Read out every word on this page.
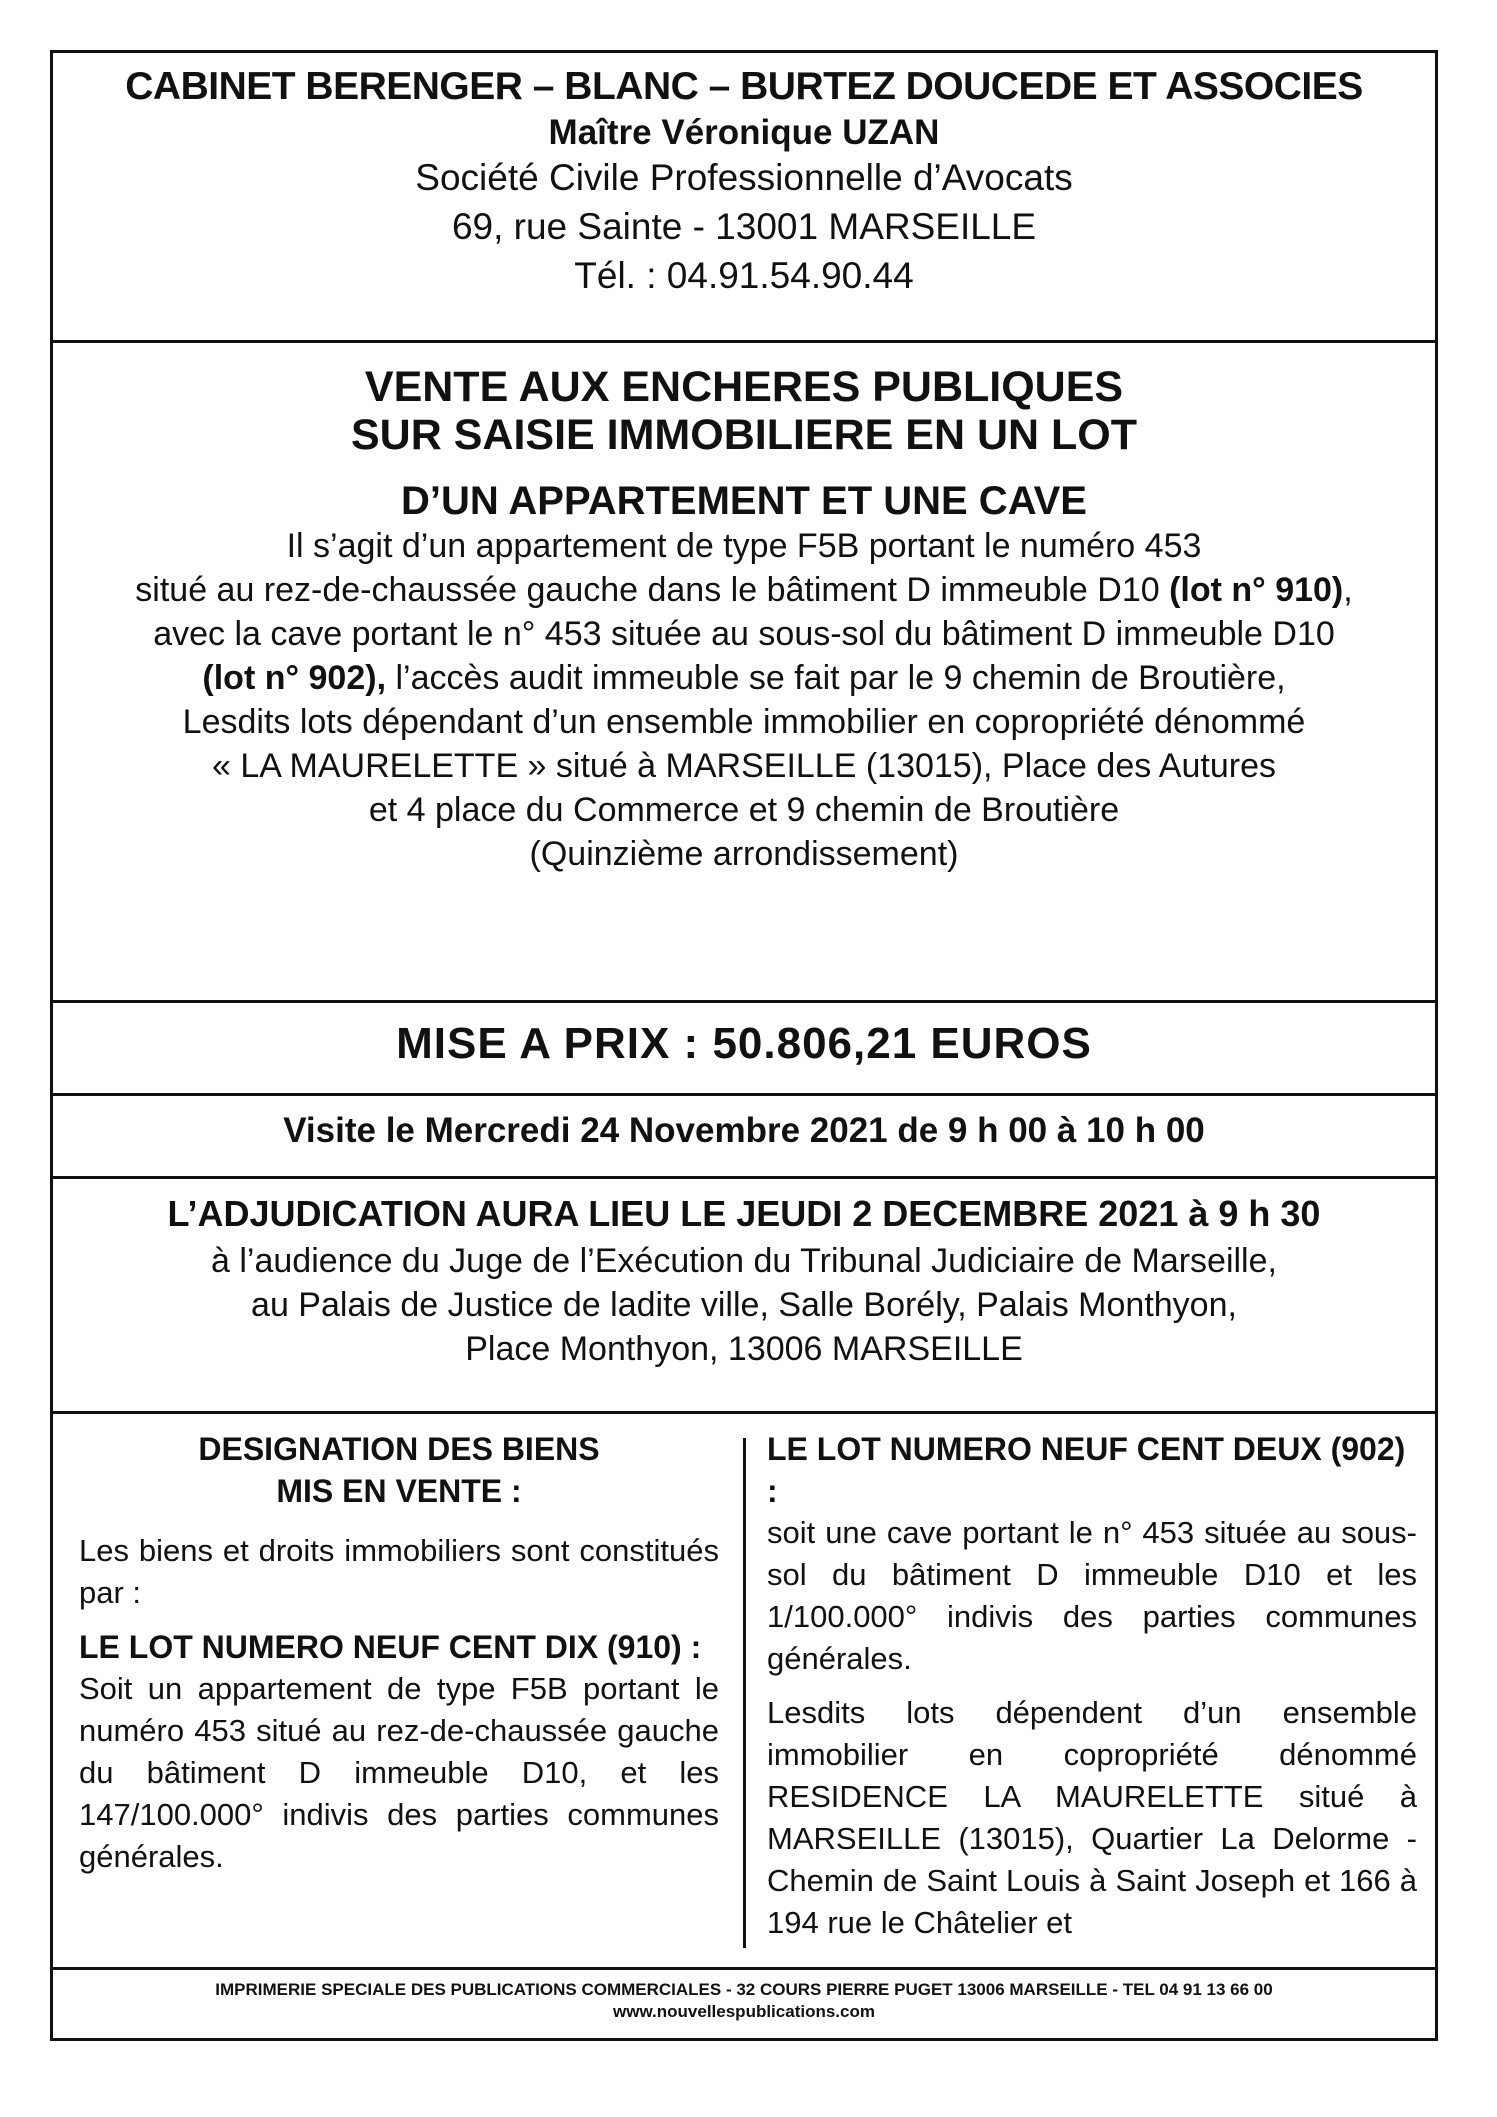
CABINET BERENGER – BLANC – BURTEZ DOUCEDE ET ASSOCIES
Maître Véronique UZAN
Société Civile Professionnelle d’Avocats
69, rue Sainte - 13001 MARSEILLE
Tél. : 04.91.54.90.44
VENTE AUX ENCHERES PUBLIQUES
SUR SAISIE IMMOBILIERE EN UN LOT
D’UN APPARTEMENT ET UNE CAVE
Il s’agit d’un appartement de type F5B portant le numéro 453
situé au rez-de-chaussée gauche dans le bâtiment D immeuble D10 (lot n° 910),
avec la cave portant le n° 453 située au sous-sol du bâtiment D immeuble D10
(lot n° 902), l’accès audit immeuble se fait par le 9 chemin de Broutière,
Lesdits lots dépendant d’un ensemble immobilier en copropriété dénommé
« LA MAURELETTE » situé à MARSEILLE (13015), Place des Autures
et 4 place du Commerce et 9 chemin de Broutière
(Quinzième arrondissement)
MISE A PRIX : 50.806,21 EUROS
Visite le Mercredi 24 Novembre 2021 de 9 h 00 à 10 h 00
L’ADJUDICATION AURA LIEU LE JEUDI 2 DECEMBRE 2021 à 9 h 30
à l’audience du Juge de l’Exécution du Tribunal Judiciaire de Marseille,
au Palais de Justice de ladite ville, Salle Borély, Palais Monthyon,
Place Monthyon, 13006 MARSEILLE

DESIGNATION DES BIENS

MIS EN VENTE :

Les biens et droits immobiliers sont constitués par :

LE LOT NUMERO NEUF CENT DIX (910) :

Soit un appartement de type F5B portant le numéro 453 situé au rez-de-chaussée gauche du bâtiment D immeuble D10, et les 147/100.000° indivis des parties communes générales.

LE LOT NUMERO NEUF CENT DEUX (902) :

soit une cave portant le n° 453 située au sous-sol du bâtiment D immeuble D10 et les 1/100.000° indivis des parties communes générales.

Lesdits lots dépendent d’un ensemble immobilier en copropriété dénommé RESIDENCE LA MAURELETTE situé à MARSEILLE (13015), Quartier La Delorme - Chemin de Saint Louis à Saint Joseph et 166 à 194 rue le Châtelier et

IMPRIMERIE SPECIALE DES PUBLICATIONS COMMERCIALES - 32 COURS PIERRE PUGET 13006 MARSEILLE - TEL 04 91 13 66 00
www.nouvellespublications.com
